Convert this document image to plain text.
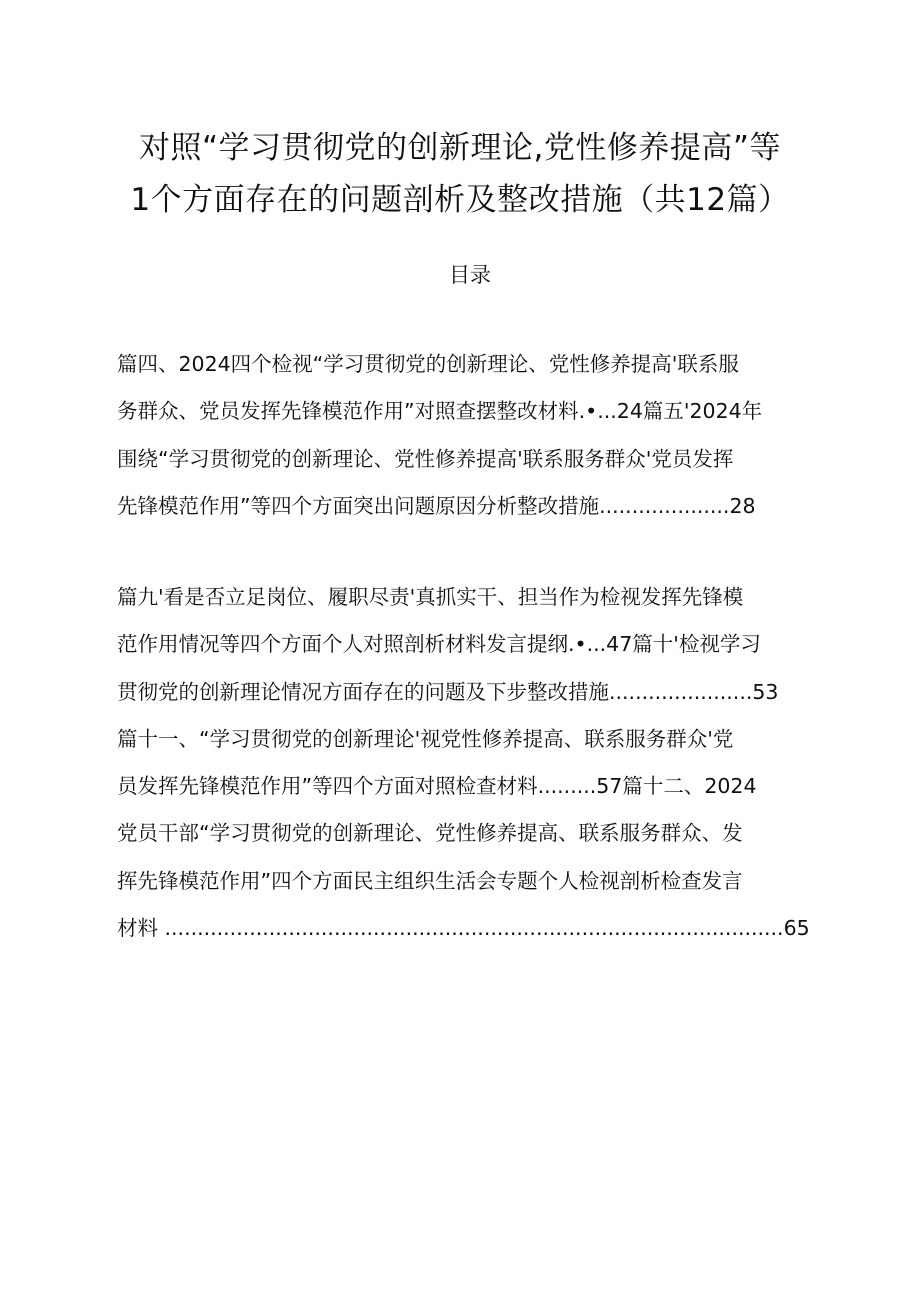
对照“学习贯彻党的创新理论,党性修养提高”等
1个方面存在的问题剖析及整改措施（共12篇）
目录
篇四、2024四个检视“学习贯彻党的创新理论、党性修养提高'联系服
务群众、党员发挥先锋模范作用”对照查摆整改材料.•...24篇五'2024年
围绕“学习贯彻党的创新理论、党性修养提高'联系服务群众'党员发挥
先锋模范作用”等四个方面突出问题原因分析整改措施....................28
篇九'看是否立足岗位、履职尽责'真抓实干、担当作为检视发挥先锋模
范作用情况等四个方面个人对照剖析材料发言提纲.•...47篇十'检视学习
贯彻党的创新理论情况方面存在的问题及下步整改措施......................53
篇十一、“学习贯彻党的创新理论'视党性修养提高、联系服务群众'党
员发挥先锋模范作用”等四个方面对照检查材料.........57篇十二、2024
党员干部“学习贯彻党的创新理论、党性修养提高、联系服务群众、发
挥先锋模范作用”四个方面民主组织生活会专题个人检视剖析检查发言
材料 ...............................................................................................65
